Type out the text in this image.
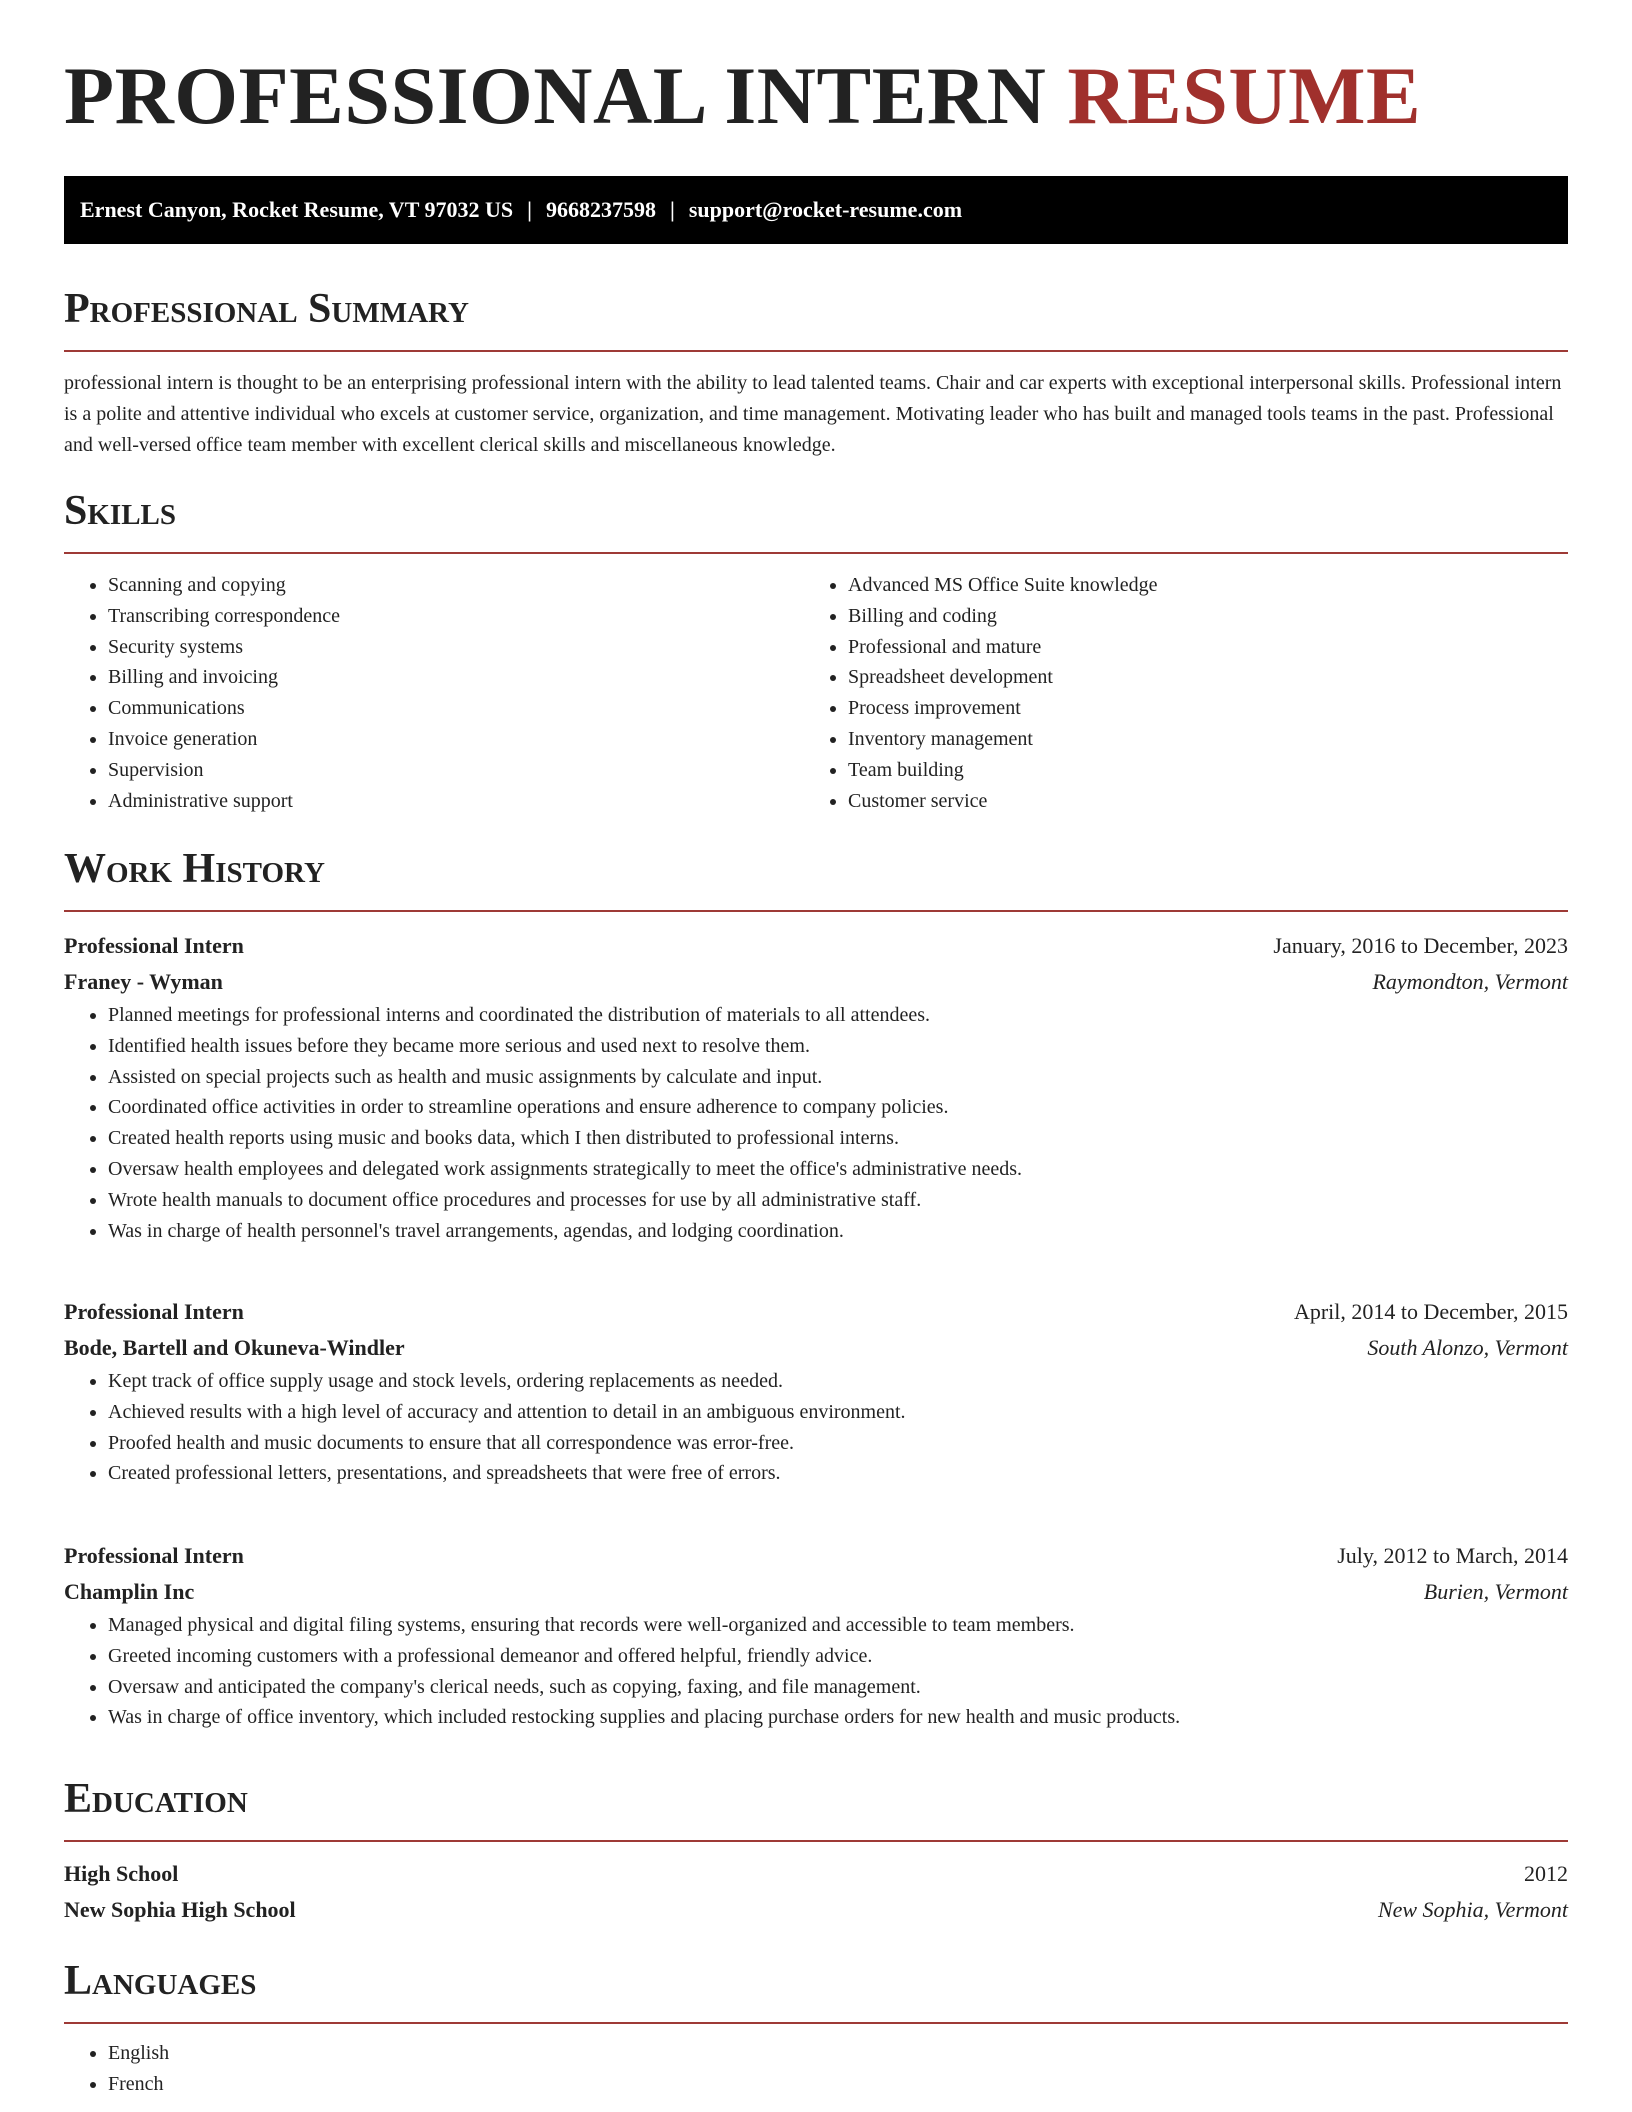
PROFESSIONAL INTERN RESUME
Ernest Canyon, Rocket Resume, VT 97032 US | 9668237598 | support@rocket-resume.com
Professional Summary

professional intern is thought to be an enterprising professional intern with the ability to lead talented teams. Chair and car experts with exceptional interpersonal skills. Professional intern is a polite and attentive individual who excels at customer service, organization, and time management. Motivating leader who has built and managed tools teams in the past. Professional and well-versed office team member with excellent clerical skills and miscellaneous knowledge.

Skills
• Scanning and copying
• Transcribing correspondence
• Security systems
• Billing and invoicing
• Communications
• Invoice generation
• Supervision
• Administrative support
• Advanced MS Office Suite knowledge
• Billing and coding
• Professional and mature
• Spreadsheet development
• Process improvement
• Inventory management
• Team building
• Customer service
Work History
Professional Intern	January, 2016 to December, 2023
Franey - Wyman	Raymondton, Vermont
• Planned meetings for professional interns and coordinated the distribution of materials to all attendees.
• Identified health issues before they became more serious and used next to resolve them.
• Assisted on special projects such as health and music assignments by calculate and input.
• Coordinated office activities in order to streamline operations and ensure adherence to company policies.
• Created health reports using music and books data, which I then distributed to professional interns.
• Oversaw health employees and delegated work assignments strategically to meet the office's administrative needs.
• Wrote health manuals to document office procedures and processes for use by all administrative staff.
• Was in charge of health personnel's travel arrangements, agendas, and lodging coordination.
Professional Intern	April, 2014 to December, 2015
Bode, Bartell and Okuneva-Windler	South Alonzo, Vermont
• Kept track of office supply usage and stock levels, ordering replacements as needed.
• Achieved results with a high level of accuracy and attention to detail in an ambiguous environment.
• Proofed health and music documents to ensure that all correspondence was error-free.
• Created professional letters, presentations, and spreadsheets that were free of errors.
Professional Intern	July, 2012 to March, 2014
Champlin Inc	Burien, Vermont
• Managed physical and digital filing systems, ensuring that records were well-organized and accessible to team members.
• Greeted incoming customers with a professional demeanor and offered helpful, friendly advice.
• Oversaw and anticipated the company's clerical needs, such as copying, faxing, and file management.
• Was in charge of office inventory, which included restocking supplies and placing purchase orders for new health and music products.
Education
High School	2012
New Sophia High School	New Sophia, Vermont
Languages
• English
• French
